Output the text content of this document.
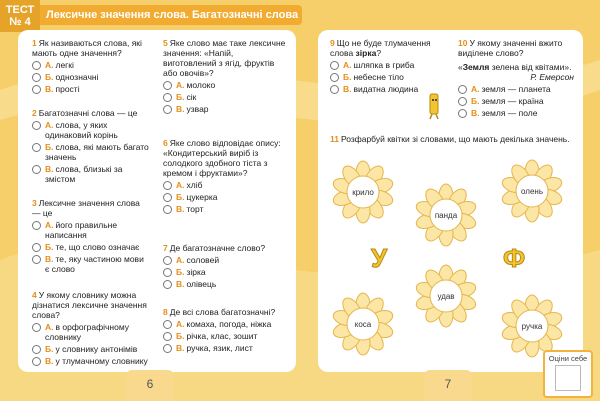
ТЕСТ
№ 4
Лексичне значення слова. Багатозначні слова
1 Як називаються слова, які мають одне значення?
А. легкі
Б. однозначні
В. прості
2 Багатозначні слова — це
А. слова, у яких одинаковий корінь
Б. слова, які мають багато значень
В. слова, близькі за змістом
3 Лексичне значення слова — це
А. його правильне написання
Б. те, що слово означає
В. те, яку частиною мови є слово
4 У якому словнику можна дізнатися лексичне значення слова?
А. в орфографічному словнику
Б. у словнику антонімів
В. у тлумачному словнику
5 Яке слово має таке лексичне значення: «Напій, виготовлений з ягід, фруктів або овочів»?
А. молоко
Б. сік
В. узвар
6 Яке слово відповідає опису: «Кондитерський виріб із солодкого здобного тіста з кремом і фруктами»?
А. хліб
Б. цукерка
В. торт
7 Де багатозначне слово?
А. соловей
Б. зірка
В. олівець
8 Де всі слова багатозначні?
А. комаха, погода, ніжка
Б. річка, клас, зошит
В. ручка, язик, лист
9 Що не буде тлумачення слова зірка?
А. шляпка в гриба
Б. небесне тіло
В. видатна людина
10 У якому значенні вжито виділене слово?
«Земля зелена від квітами».
Р. Емерсон
А. земля — планета
Б. земля — країна
В. земля — поле
11 Розфарбуй квітки зі словами, що мають декілька значень.
крило	олень
панда
удав
коса	ручка
У	Ф
6	7
Оціни себе
